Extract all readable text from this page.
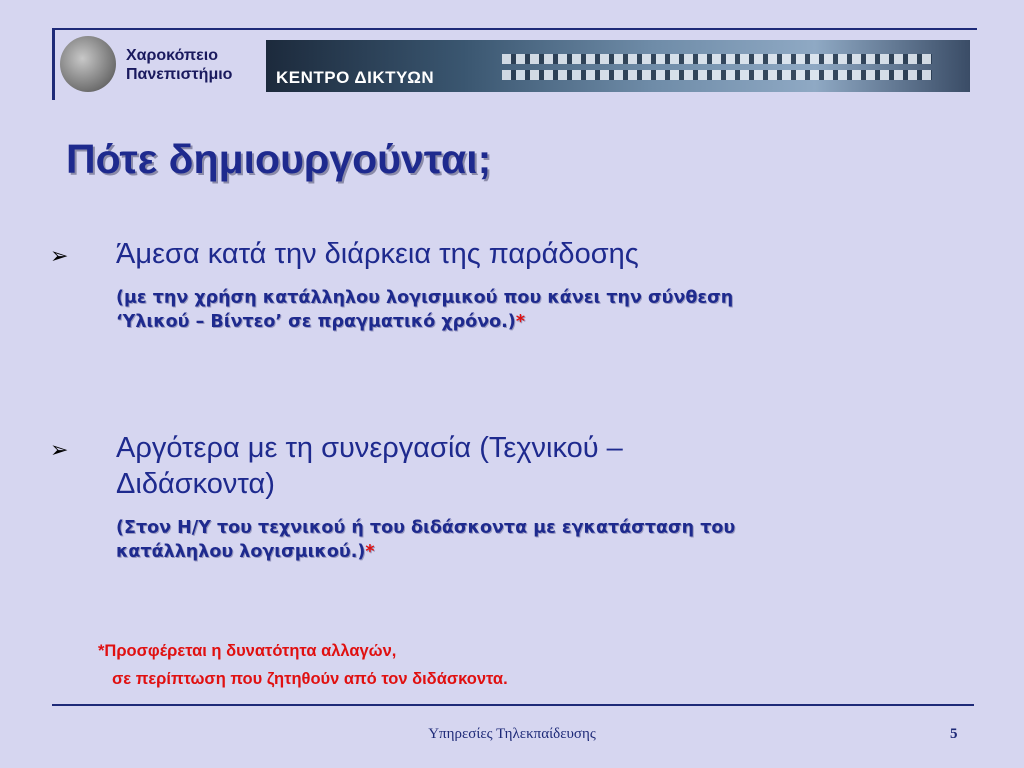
Χαροκόπειο
Πανεπιστήμιο	ΚΕΝΤΡΟ ΔΙΚΤΥΩΝ
Πότε δημιουργούνται;
➢ Άμεσα κατά την διάρκεια της παράδοσης
(με την χρήση κατάλληλου λογισμικού που κάνει την σύνθεση
‘Υλικού – Βίντεο’ σε πραγματικό χρόνο.)*
➢ Αργότερα με τη συνεργασία (Τεχνικού –
Διδάσκοντα)
(Στον Η/Υ του τεχνικού ή του διδάσκοντα με εγκατάσταση του
κατάλληλου λογισμικού.)*
*Προσφέρεται η δυνατότητα αλλαγών,
σε περίπτωση που ζητηθούν από τον διδάσκοντα.
Υπηρεσίες Τηλεκπαίδευσης	5
